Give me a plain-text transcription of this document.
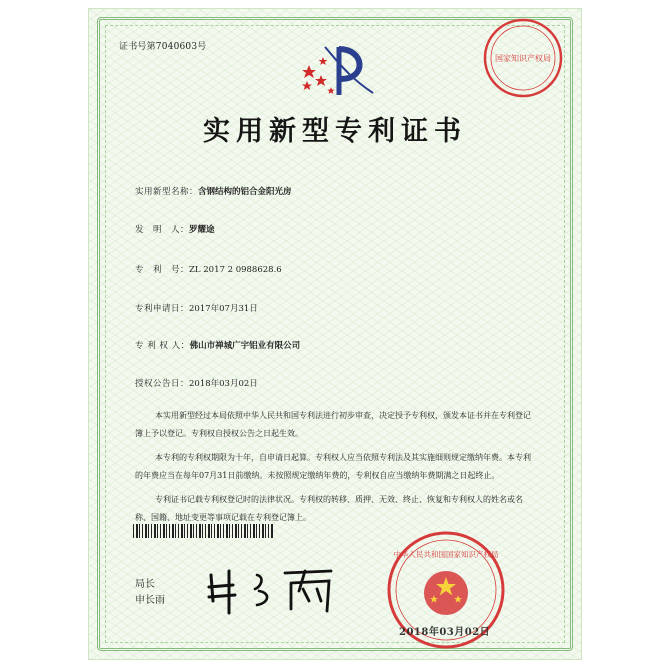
证书号第7040603号
国家知识产权局
实用新型专利证书
实用新型名称：含钢结构的铝合金阳光房
发　明　人：罗耀途
专　利　号：ZL 2017 2 0988628.6
专利申请日：2017年07月31日
专 利 权 人：佛山市禅城广宇铝业有限公司
授权公告日：2018年03月02日

本实用新型经过本局依照中华人民共和国专利法进行初步审查，决定授予专利权，颁发本证书并在专利登记簿上予以登记。专利权自授权公告之日起生效。

本专利的专利权期限为十年，自申请日起算。专利权人应当依照专利法及其实施细则规定缴纳年费。本专利的年费应当在每年07月31日前缴纳。未按照规定缴纳年费的，专利权自应当缴纳年费期满之日起终止。

专利证书记载专利权登记时的法律状况。专利权的转移、质押、无效、终止、恢复和专利权人的姓名或名称、国籍、地址变更等事项记载在专利登记簿上。

局长
申长雨
中华人民共和国国家知识产权局
2018年03月02日
